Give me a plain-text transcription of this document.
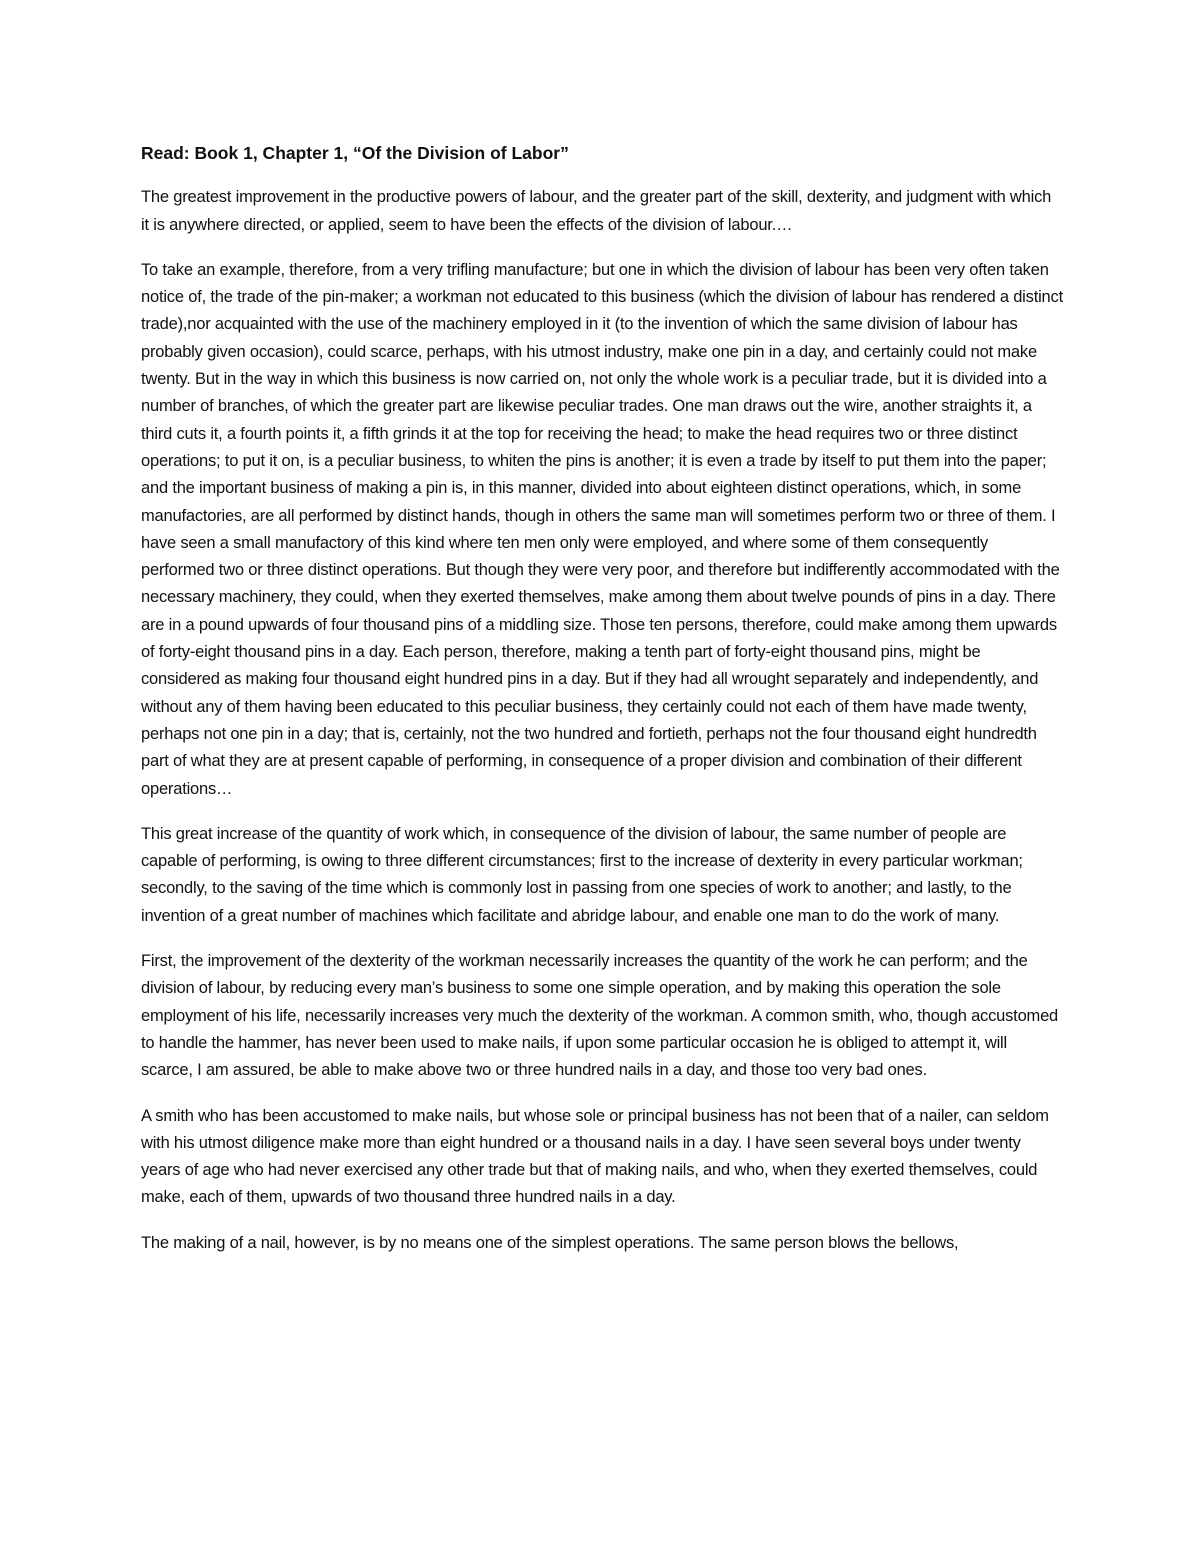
Read: Book 1, Chapter 1, “Of the Division of Labor”

The greatest improvement in the productive powers of labour, and the greater part of the skill, dexterity, and judgment with which it is anywhere directed, or applied, seem to have been the effects of the division of labour.…

To take an example, therefore, from a very trifling manufacture; but one in which the division of labour has been very often taken notice of, the trade of the pin-maker; a workman not educated to this business (which the division of labour has rendered a distinct trade),nor acquainted with the use of the machinery employed in it (to the invention of which the same division of labour has probably given occasion), could scarce, perhaps, with his utmost industry, make one pin in a day, and certainly could not make twenty. But in the way in which this business is now carried on, not only the whole work is a peculiar trade, but it is divided into a number of branches, of which the greater part are likewise peculiar trades. One man draws out the wire, another straights it, a third cuts it, a fourth points it, a fifth grinds it at the top for receiving the head; to make the head requires two or three distinct operations; to put it on, is a peculiar business, to whiten the pins is another; it is even a trade by itself to put them into the paper; and the important business of making a pin is, in this manner, divided into about eighteen distinct operations, which, in some manufactories, are all performed by distinct hands, though in others the same man will sometimes perform two or three of them. I have seen a small manufactory of this kind where ten men only were employed, and where some of them consequently performed two or three distinct operations. But though they were very poor, and therefore but indifferently accommodated with the necessary machinery, they could, when they exerted themselves, make among them about twelve pounds of pins in a day. There are in a pound upwards of four thousand pins of a middling size. Those ten persons, therefore, could make among them upwards of forty-eight thousand pins in a day. Each person, therefore, making a tenth part of forty-eight thousand pins, might be considered as making four thousand eight hundred pins in a day. But if they had all wrought separately and independently, and without any of them having been educated to this peculiar business, they certainly could not each of them have made twenty, perhaps not one pin in a day; that is, certainly, not the two hundred and fortieth, perhaps not the four thousand eight hundredth part of what they are at present capable of performing, in consequence of a proper division and combination of their different operations…

This great increase of the quantity of work which, in consequence of the division of labour, the same number of people are capable of performing, is owing to three different circumstances; first to the increase of dexterity in every particular workman; secondly, to the saving of the time which is commonly lost in passing from one species of work to another; and lastly, to the invention of a great number of machines which facilitate and abridge labour, and enable one man to do the work of many.

First, the improvement of the dexterity of the workman necessarily increases the quantity of the work he can perform; and the division of labour, by reducing every man’s business to some one simple operation, and by making this operation the sole employment of his life, necessarily increases very much the dexterity of the workman. A common smith, who, though accustomed to handle the hammer, has never been used to make nails, if upon some particular occasion he is obliged to attempt it, will scarce, I am assured, be able to make above two or three hundred nails in a day, and those too very bad ones.

A smith who has been accustomed to make nails, but whose sole or principal business has not been that of a nailer, can seldom with his utmost diligence make more than eight hundred or a thousand nails in a day. I have seen several boys under twenty years of age who had never exercised any other trade but that of making nails, and who, when they exerted themselves, could make, each of them, upwards of two thousand three hundred nails in a day.

The making of a nail, however, is by no means one of the simplest operations. The same person blows the bellows,
